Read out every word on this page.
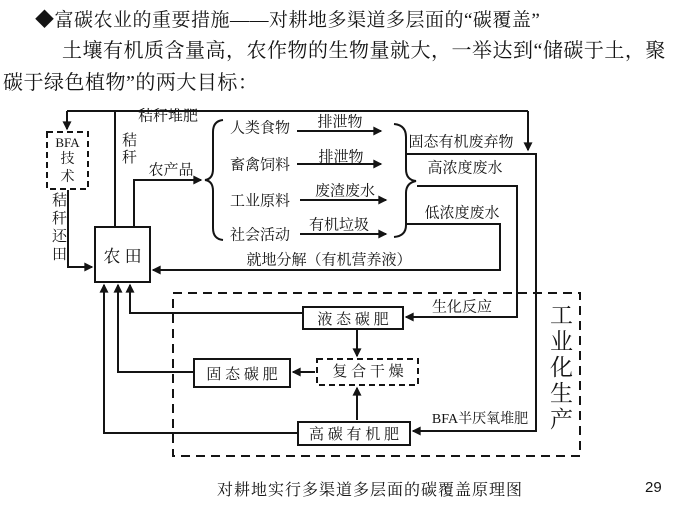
◆富碳农业的重要措施——对耕地多渠道多层面的“碳覆盖”
土壤有机质含量高，农作物的生物量就大，一举达到“储碳于土，聚
碳于绿色植物”的两大目标：
农 田
液 态 碳 肥
固 态 碳 肥
高 碳 有 机 肥
BFA
技
术
复 合 干 燥
秸秆堆肥
农产品
人类食物
畜禽饲料
工业原料
社会活动
排泄物
排泄物
废渣废水
有机垃圾
固态有机废弃物
高浓度废水
低浓度废水
就地分解（有机营养液）
生化反应
BFA半厌氧堆肥
秸秆
秸秆还田
工业化生产
对耕地实行多渠道多层面的碳覆盖原理图	29
